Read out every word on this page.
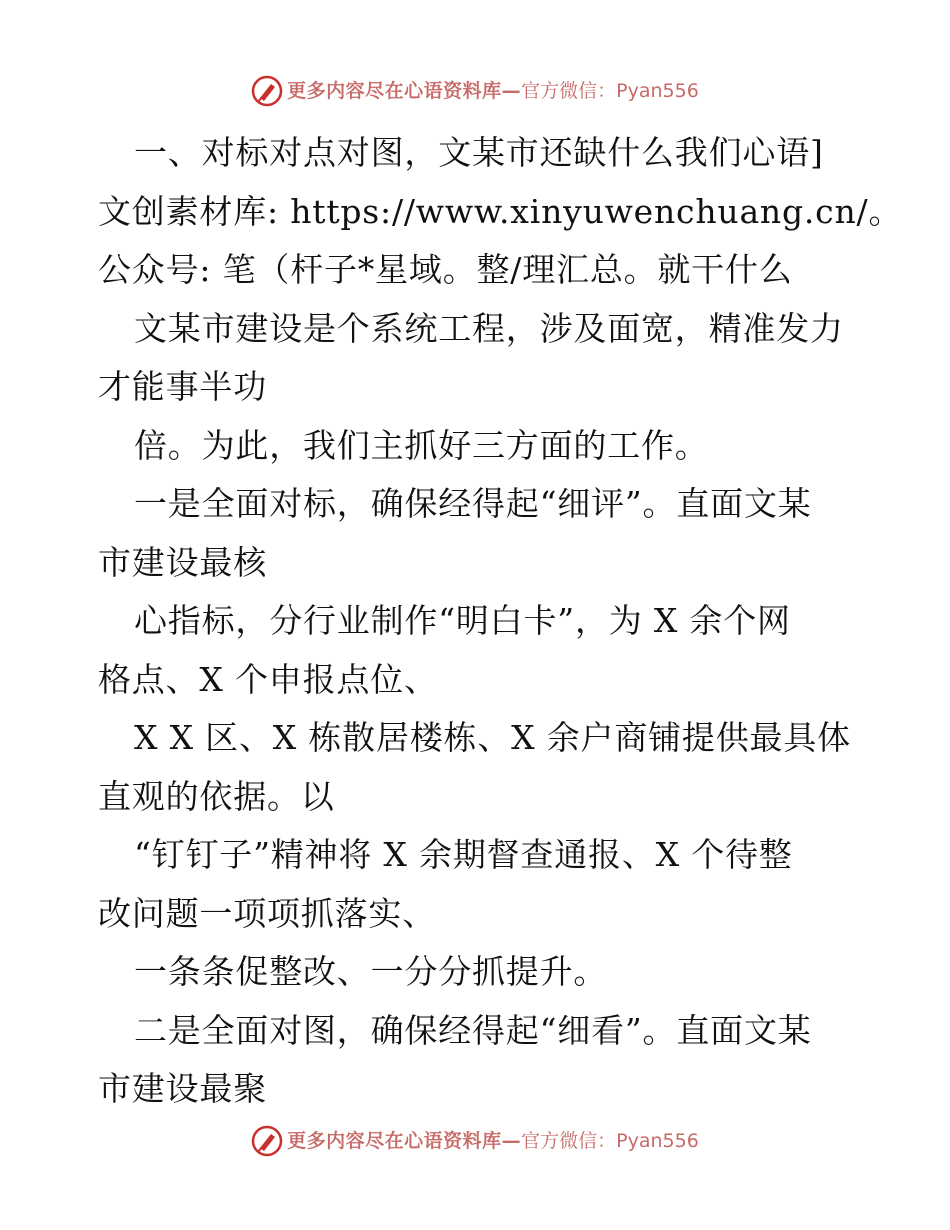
更多内容尽在心语资料库— 官方微信：Pyan556
一、对标对点对图，文某市还缺什么我们心语]
文创素材库: https://www.xinyuwenchuang.cn/。
公众号: 笔（杆子*星域。整/理汇总。就干什么
文某市建设是个系统工程，涉及面宽，精准发力
才能事半功
倍。为此，我们主抓好三方面的工作。
一是全面对标，确保经得起“细评”。直面文某
市建设最核
心指标，分行业制作“明白卡”，为 X 余个网
格点、X 个申报点位、
X X 区、X 栋散居楼栋、X 余户商铺提供最具体
直观的依据。以
“钉钉子”精神将 X 余期督查通报、X 个待整
改问题一项项抓落实、
一条条促整改、一分分抓提升。
二是全面对图，确保经得起“细看”。直面文某
市建设最聚
更多内容尽在心语资料库— 官方微信：Pyan556
